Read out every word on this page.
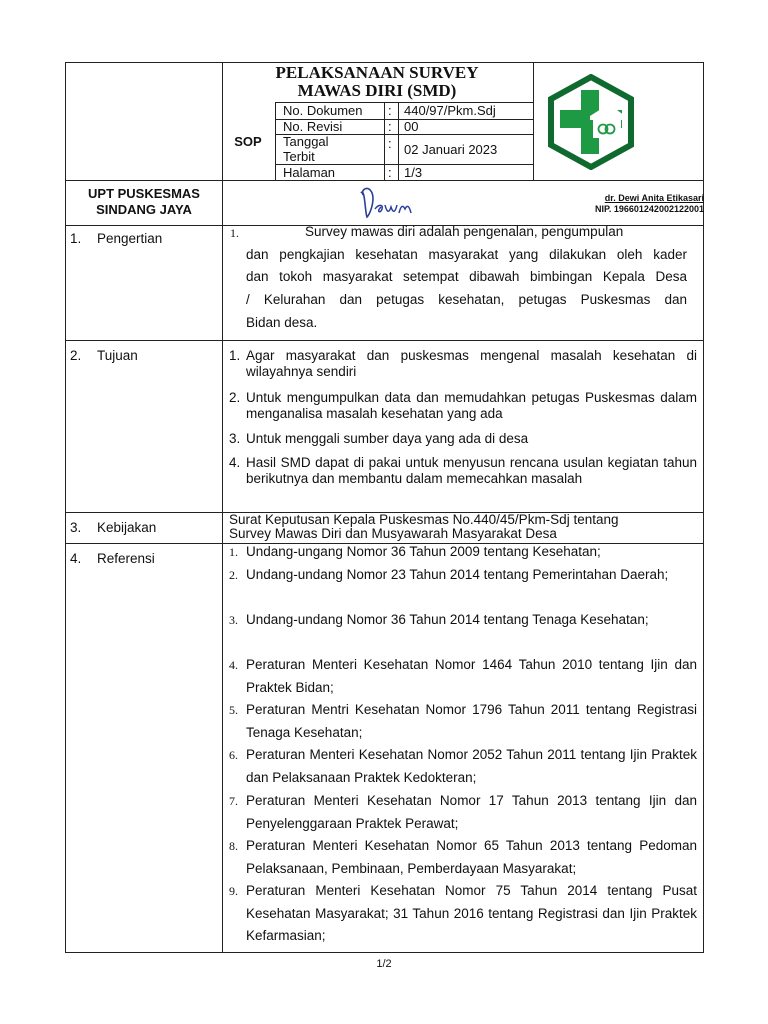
PELAKSANAAN SURVEY
MAWAS DIRI (SMD)
SOP
No. Dokumen : 440/97/Pkm.Sdj
No. Revisi	: 00
Tanggal
Terbit
: 02 Januari 2023
Halaman	: 1/3
UPT PUSKESMAS
SINDANG JAYA
dr. Dewi Anita Etikasari
NIP. 196601242002122001
1.	Pengertian	1.	Survey mawas diri adalah pengenalan, pengumpulan
dan pengkajian kesehatan masyarakat yang dilakukan oleh kader
dan tokoh masyarakat setempat dibawah bimbingan Kepala Desa
/ Kelurahan dan petugas kesehatan, petugas Puskesmas dan
Bidan desa.
2.	Tujuan	1. Agar masyarakat dan puskesmas mengenal masalah kesehatan di wilayahnya sendiri
2. Untuk mengumpulkan data dan memudahkan petugas Puskesmas dalam menganalisa masalah kesehatan yang ada
3. Untuk menggali sumber daya yang ada di desa
4. Hasil SMD dapat di pakai untuk menyusun rencana usulan kegiatan tahun berikutnya dan membantu dalam memecahkan masalah
3.	Kebijakan
Surat Keputusan Kepala Puskesmas No.440/45/Pkm-Sdj tentang
Survey Mawas Diri dan Musyawarah Masyarakat Desa
4.	Referensi	1. Undang-ungang Nomor 36 Tahun 2009 tentang Kesehatan;
2. Undang-undang Nomor 23 Tahun 2014 tentang Pemerintahan Daerah;
3. Undang-undang Nomor 36 Tahun 2014 tentang Tenaga Kesehatan;
4. Peraturan Menteri Kesehatan Nomor 1464 Tahun 2010 tentang Ijin dan Praktek Bidan;
5. Peraturan Mentri Kesehatan Nomor 1796 Tahun 2011 tentang Registrasi Tenaga Kesehatan;
6. Peraturan Menteri Kesehatan Nomor 2052 Tahun 2011 tentang Ijin Praktek dan Pelaksanaan Praktek Kedokteran;
7. Peraturan Menteri Kesehatan Nomor 17 Tahun 2013 tentang Ijin dan Penyelenggaraan Praktek Perawat;
8. Peraturan Menteri Kesehatan Nomor 65 Tahun 2013 tentang Pedoman Pelaksanaan, Pembinaan, Pemberdayaan Masyarakat;
9. Peraturan Menteri Kesehatan Nomor 75 Tahun 2014 tentang Pusat Kesehatan Masyarakat; 31 Tahun 2016 tentang Registrasi dan Ijin Praktek Kefarmasian;
1/2
